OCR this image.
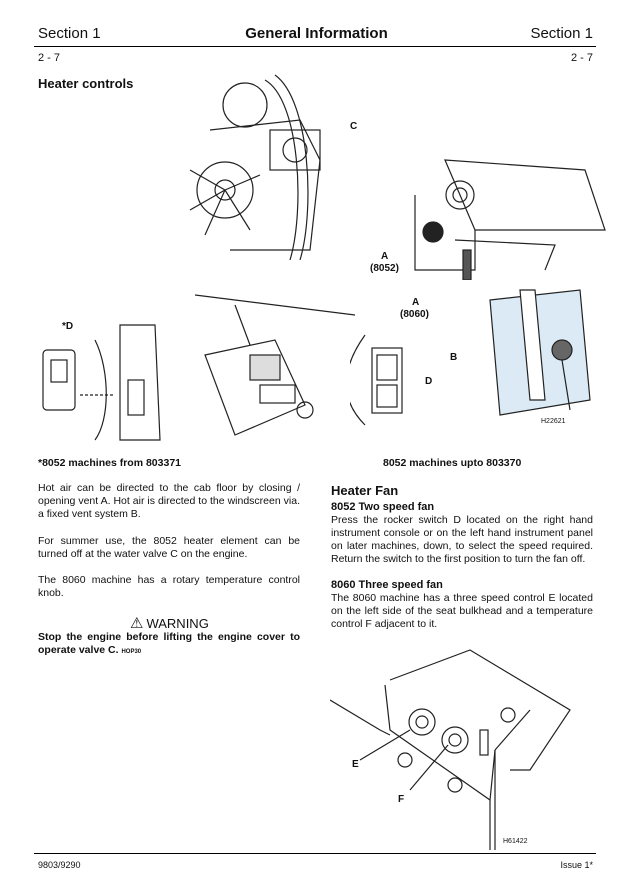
Section 1	General Information	Section 1
2 - 7	2 - 7
Heater controls
C
A
(8052)
A
(8060)
*D
D
B
H22621
*8052 machines from 803371	8052 machines upto 803370
Hot air can be directed to the cab floor by closing / opening vent A. Hot air is directed to the windscreen via. a fixed vent system B.
For summer use, the 8052 heater element can be turned off at the water valve C on the engine.
The 8060 machine has a rotary temperature control knob.
⚠ WARNING
Stop the engine before lifting the engine cover to operate valve C. HOP30
Heater Fan
8052 Two speed fan
Press the rocker switch D located on the right hand instrument console or on the left hand instrument panel on later machines, down, to select the speed required. Return the switch to the first position to turn the fan off.
8060 Three speed fan
The 8060 machine has a three speed control E located on the left side of the seat bulkhead and a temperature control F adjacent to it.
E
F
H61422
9803/9290	Issue 1*
